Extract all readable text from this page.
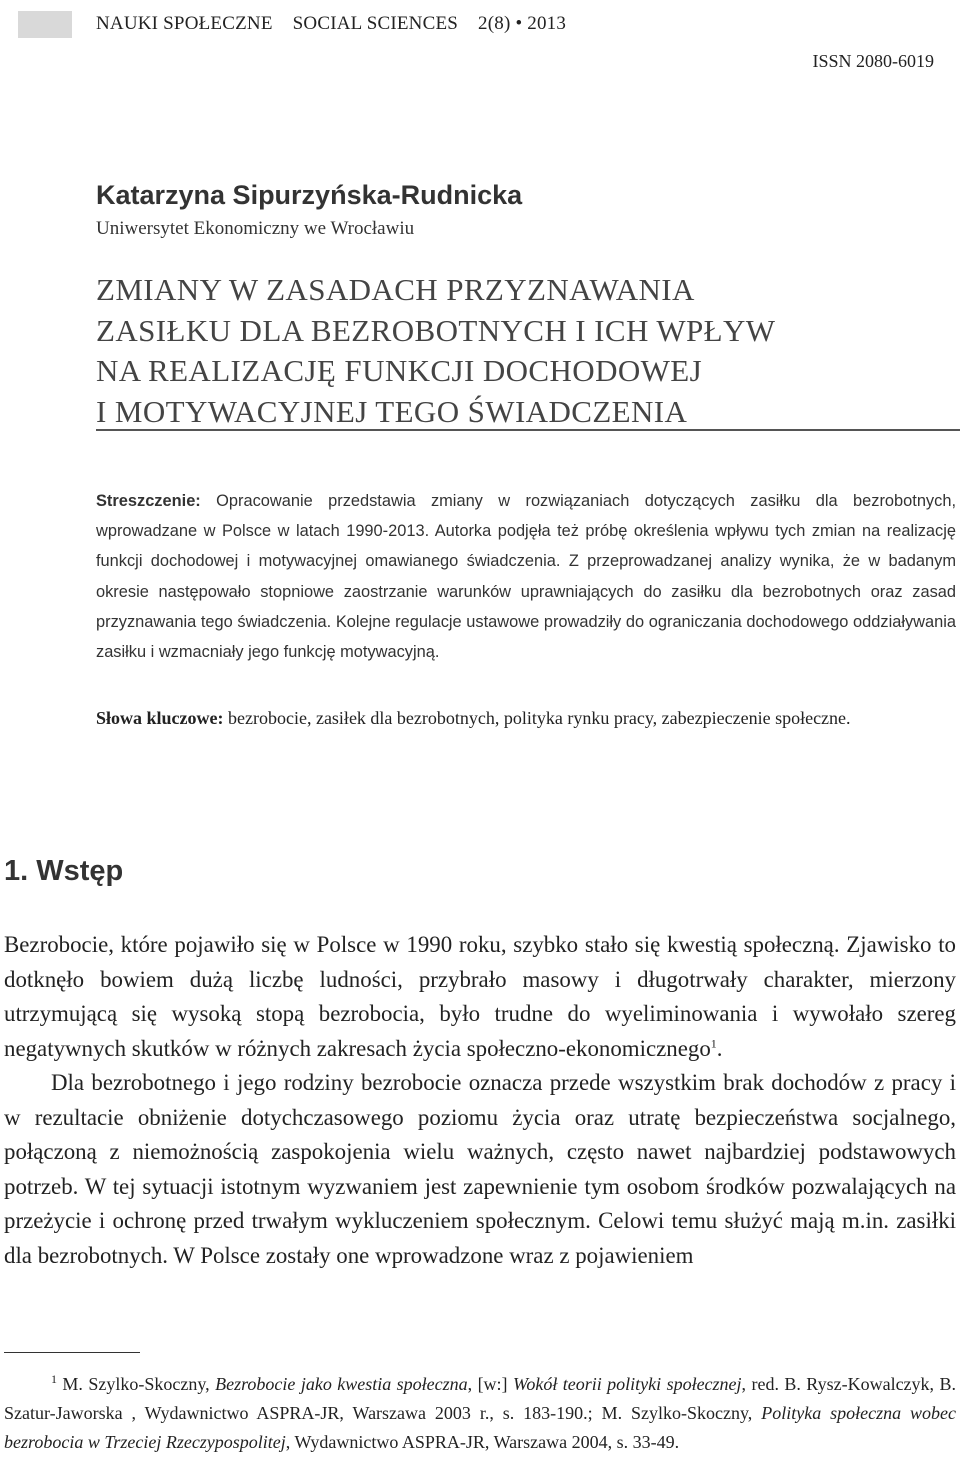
NAUKI SPOŁECZNE SOCIAL SCIENCES 2(8) • 2013
ISSN 2080-6019
Katarzyna Sipurzyńska-Rudnicka
Uniwersytet Ekonomiczny we Wrocławiu
ZMIANY W ZASADACH PRZYZNAWANIA
ZASIŁKU DLA BEZROBOTNYCH I ICH WPŁYW
NA REALIZACJĘ FUNKCJI DOCHODOWEJ
I MOTYWACYJNEJ TEGO ŚWIADCZENIA
Streszczenie: Opracowanie przedstawia zmiany w rozwiązaniach dotyczących zasiłku dla bezrobotnych, wprowadzane w Polsce w latach 1990-2013. Autorka podjęła też próbę określenia wpływu tych zmian na realizację funkcji dochodowej i motywacyjnej omawianego świadczenia. Z przeprowadzanej analizy wynika, że w badanym okresie następowało stopniowe zaostrzanie warunków uprawniających do zasiłku dla bezrobotnych oraz zasad przyznawania tego świadczenia. Kolejne regulacje ustawowe prowadziły do ograniczania dochodowego oddziaływania zasiłku i wzmacniały jego funkcję motywacyjną.
Słowa kluczowe: bezrobocie, zasiłek dla bezrobotnych, polityka rynku pracy, zabezpieczenie społeczne.
1. Wstęp

Bezrobocie, które pojawiło się w Polsce w 1990 roku, szybko stało się kwestią społeczną. Zjawisko to dotknęło bowiem dużą liczbę ludności, przybrało masowy i długotrwały charakter, mierzony utrzymującą się wysoką stopą bezrobocia, było trudne do wyeliminowania i wywołało szereg negatywnych skutków w różnych zakresach życia społeczno-ekonomicznego$^1$.

Dla bezrobotnego i jego rodziny bezrobocie oznacza przede wszystkim brak dochodów z pracy i w rezultacie obniżenie dotychczasowego poziomu życia oraz utratę bezpieczeństwa socjalnego, połączoną z niemożnością zaspokojenia wielu ważnych, często nawet najbardziej podstawowych potrzeb. W tej sytuacji istotnym wyzwaniem jest zapewnienie tym osobom środków pozwalających na przeżycie i ochronę przed trwałym wykluczeniem społecznym. Celowi temu służyć mają m.in. zasiłki dla bezrobotnych. W Polsce zostały one wprowadzone wraz z pojawieniem

$^1$ M. Szylko-Skoczny, Bezrobocie jako kwestia społeczna, [w:] Wokół teorii polityki społecznej, red. B. Rysz-Kowalczyk, B. Szatur-Jaworska , Wydawnictwo ASPRA-JR, Warszawa 2003 r., s. 183-190.; M. Szylko-Skoczny, Polityka społeczna wobec bezrobocia w Trzeciej Rzeczypospolitej, Wydawnictwo ASPRA-JR, Warszawa 2004, s. 33-49.
